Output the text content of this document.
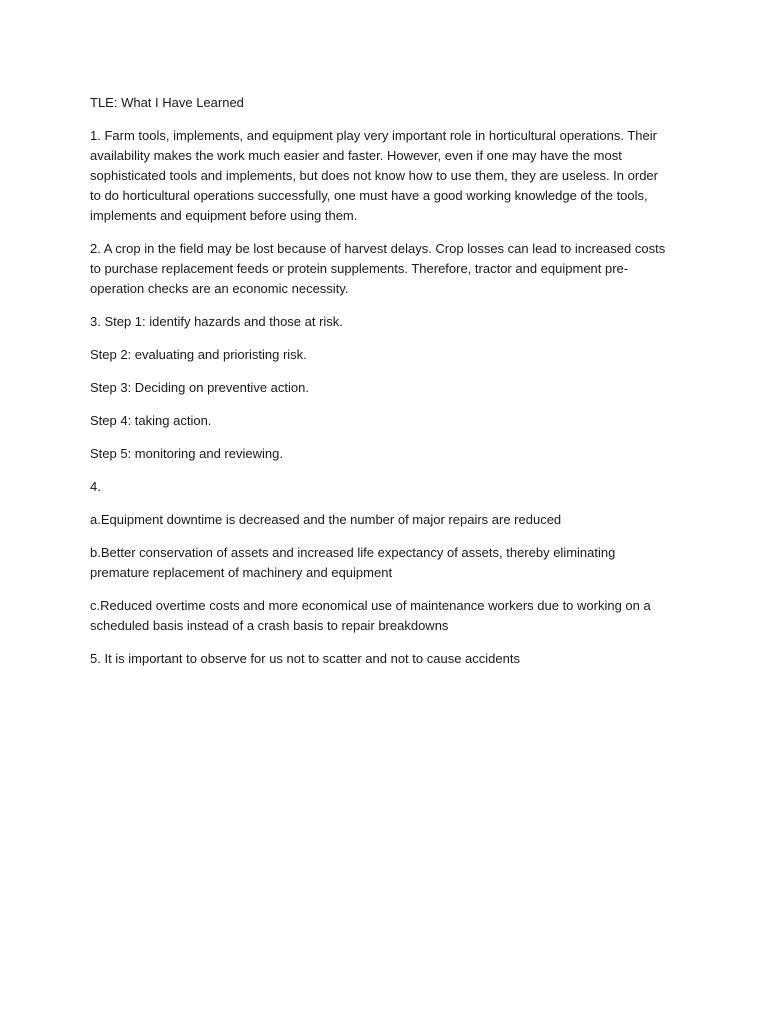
TLE: What I Have Learned

1. Farm tools, implements, and equipment play very important role in horticultural operations. Their availability makes the work much easier and faster. However, even if one may have the most sophisticated tools and implements, but does not know how to use them, they are useless. In order to do horticultural operations successfully, one must have a good working knowledge of the tools, implements and equipment before using them.

2. A crop in the field may be lost because of harvest delays. Crop losses can lead to increased costs to purchase replacement feeds or protein supplements. Therefore, tractor and equipment pre-operation checks are an economic necessity.

3. Step 1: identify hazards and those at risk.

Step 2: evaluating and prioristing risk.

Step 3: Deciding on preventive action.

Step 4: taking action.

Step 5: monitoring and reviewing.

4.

a.Equipment downtime is decreased and the number of major repairs are reduced

b.Better conservation of assets and increased life expectancy of assets, thereby eliminating premature replacement of machinery and equipment

c.Reduced overtime costs and more economical use of maintenance workers due to working on a scheduled basis instead of a crash basis to repair breakdowns

5. It is important to observe for us not to scatter and not to cause accidents
